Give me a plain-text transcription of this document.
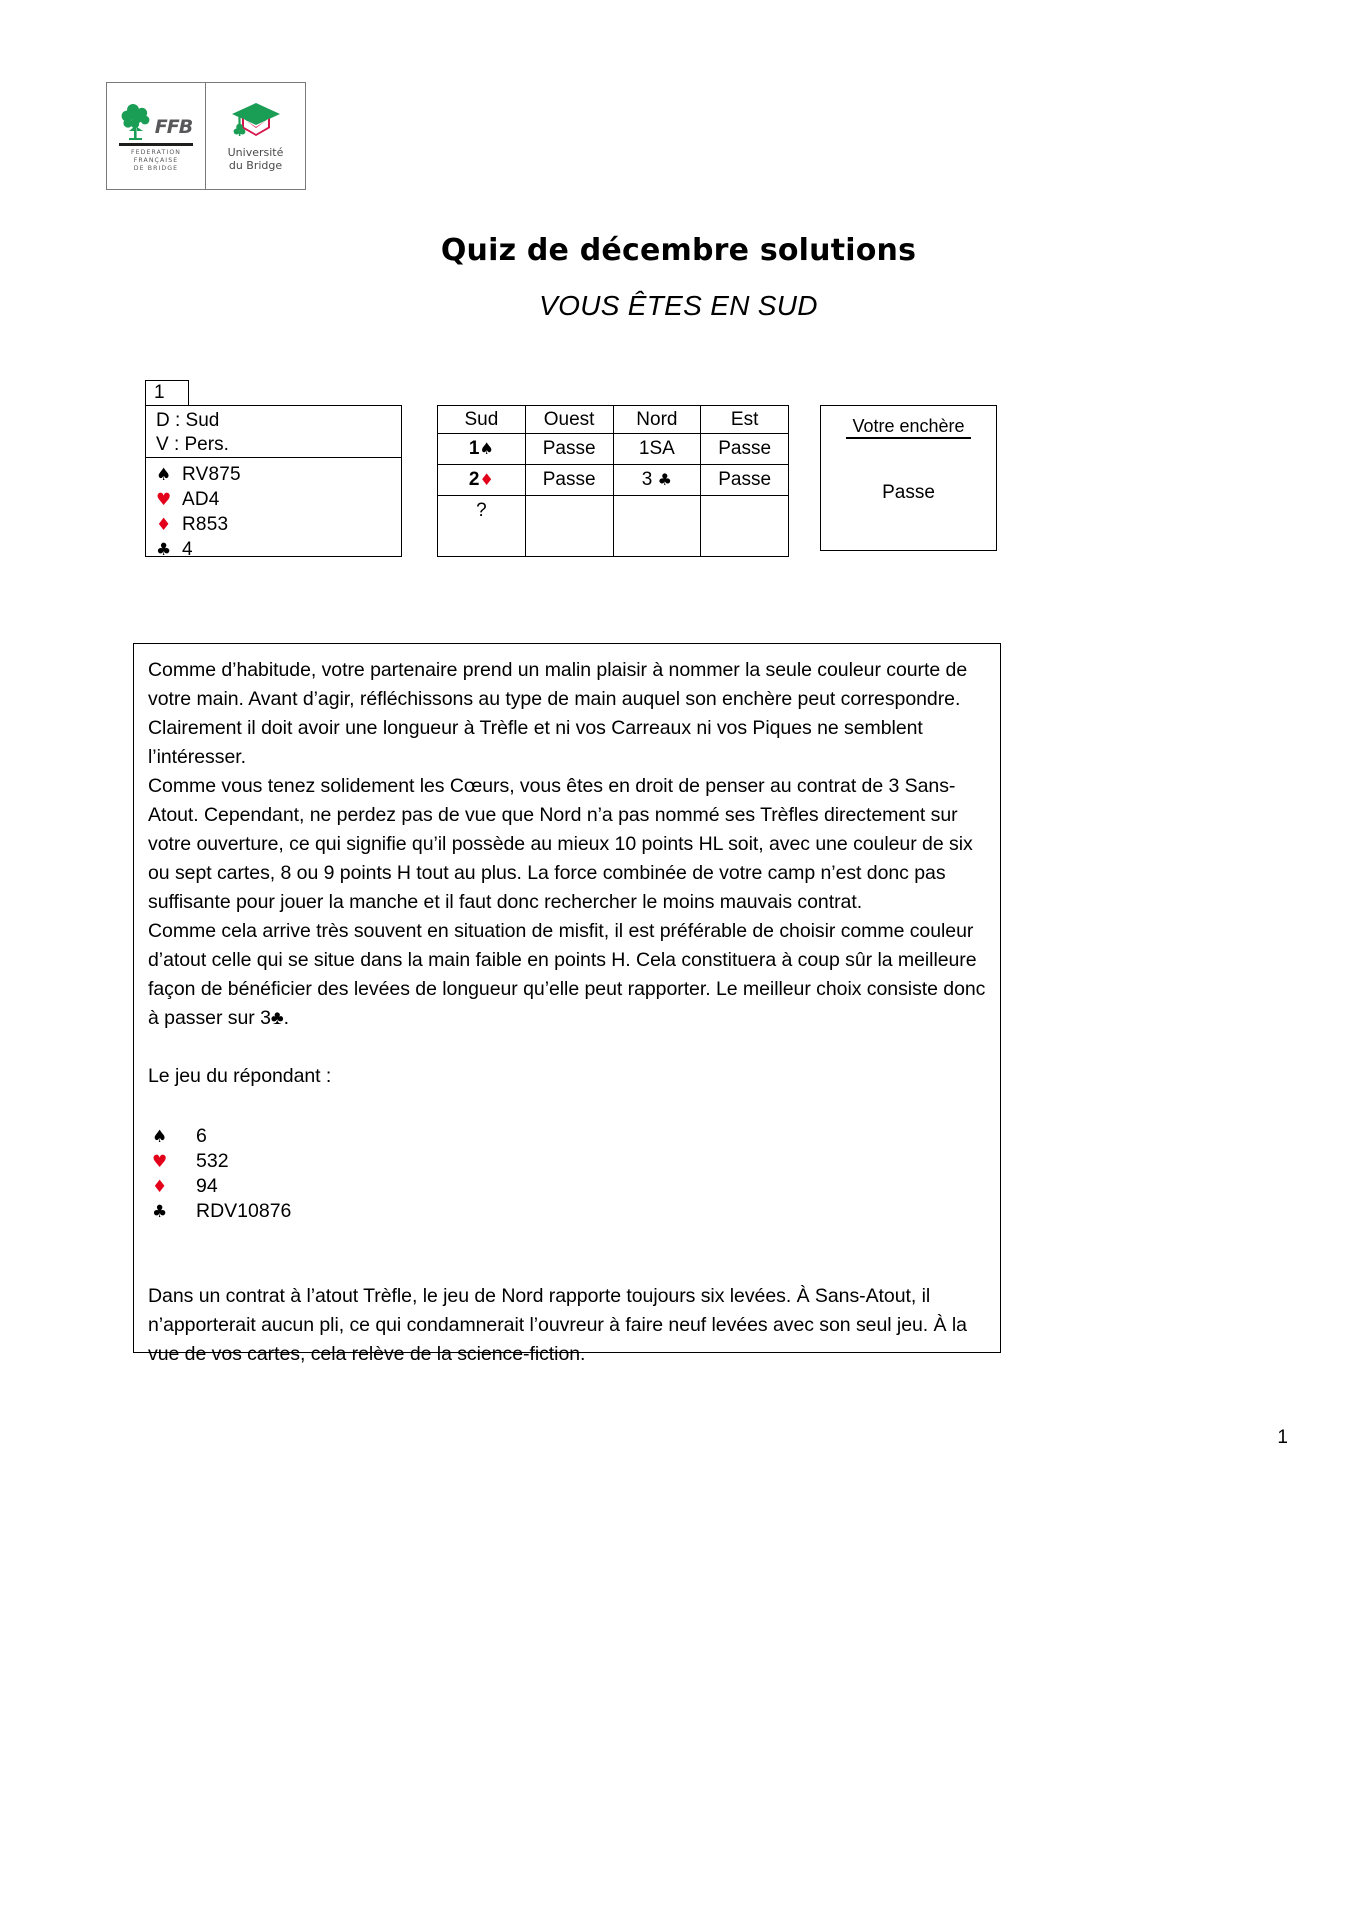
FFB
FEDERATION
FRANÇAISE
DE BRIDGE
Université
du Bridge
Quiz de décembre solutions
VOUS ÊTES EN SUD
1
D : Sud
V : Pers.
♠ RV875
♥ AD4
♦ R853
♣ 4
Sud	Ouest	Nord	Est
1♠	Passe	1SA	Passe
2♦	Passe	3 ♣	Passe
?			

Votre enchère
Passe

Comme d’habitude, votre partenaire prend un malin plaisir à nommer la seule couleur courte de votre main. Avant d’agir, réfléchissons au type de main auquel son enchère peut correspondre.

Clairement il doit avoir une longueur à Trèfle et ni vos Carreaux ni vos Piques ne semblent l’intéresser.

Comme vous tenez solidement les Cœurs, vous êtes en droit de penser au contrat de 3 Sans-Atout. Cependant, ne perdez pas de vue que Nord n’a pas nommé ses Trèfles directement sur votre ouverture, ce qui signifie qu’il possède au mieux 10 points HL soit, avec une couleur de six ou sept cartes, 8 ou 9 points H tout au plus. La force combinée de votre camp n’est donc pas suffisante pour jouer la manche et il faut donc rechercher le moins mauvais contrat.

Comme cela arrive très souvent en situation de misfit, il est préférable de choisir comme couleur d’atout celle qui se situe dans la main faible en points H. Cela constituera à coup sûr la meilleure façon de bénéficier des levées de longueur qu’elle peut rapporter. Le meilleur choix consiste donc à passer sur 3♣.

Le jeu du répondant :

♠	6
♥	532
♦	94
♣	RDV10876

Dans un contrat à l’atout Trèfle, le jeu de Nord rapporte toujours six levées. À Sans-Atout, il n’apporterait aucun pli, ce qui condamnerait l’ouvreur à faire neuf levées avec son seul jeu. À la vue de vos cartes, cela relève de la science-fiction.

1
